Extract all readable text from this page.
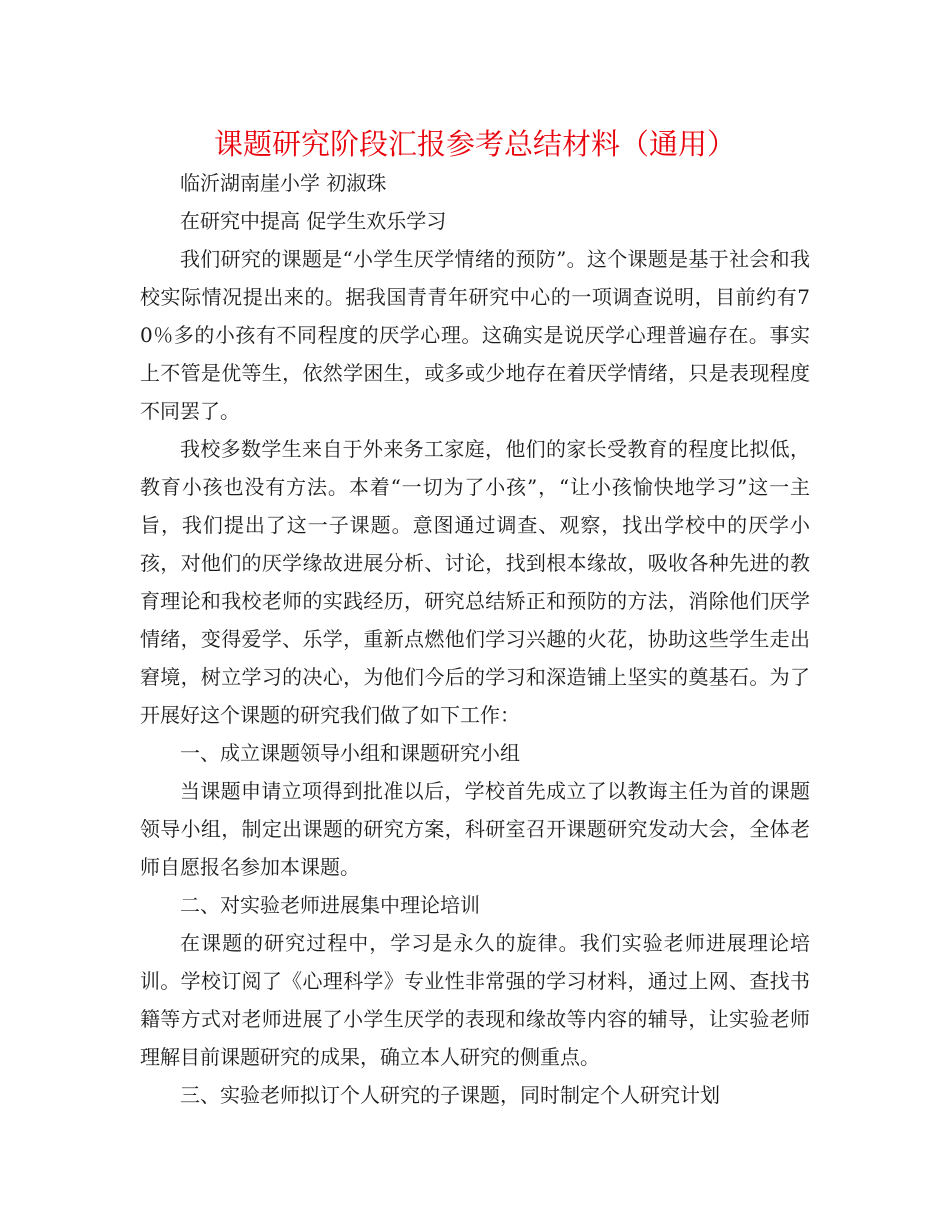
课题研究阶段汇报参考总结材料（通用）

临沂湖南崖小学 初淑珠

在研究中提高 促学生欢乐学习

我们研究的课题是“小学生厌学情绪的预防”。这个课题是基于社会和我校实际情况提出来的。据我国青青年研究中心的一项调查说明，目前约有70％多的小孩有不同程度的厌学心理。这确实是说厌学心理普遍存在。事实上不管是优等生，依然学困生，或多或少地存在着厌学情绪，只是表现程度不同罢了。

我校多数学生来自于外来务工家庭，他们的家长受教育的程度比拟低，教育小孩也没有方法。本着“一切为了小孩”，“让小孩愉快地学习”这一主旨，我们提出了这一子课题。意图通过调查、观察，找出学校中的厌学小孩，对他们的厌学缘故进展分析、讨论，找到根本缘故，吸收各种先进的教育理论和我校老师的实践经历，研究总结矫正和预防的方法，消除他们厌学情绪，变得爱学、乐学，重新点燃他们学习兴趣的火花，协助这些学生走出窘境，树立学习的决心，为他们今后的学习和深造铺上坚实的奠基石。为了开展好这个课题的研究我们做了如下工作：

一、成立课题领导小组和课题研究小组

当课题申请立项得到批准以后，学校首先成立了以教诲主任为首的课题领导小组，制定出课题的研究方案，科研室召开课题研究发动大会，全体老师自愿报名参加本课题。

二、对实验老师进展集中理论培训

在课题的研究过程中，学习是永久的旋律。我们实验老师进展理论培训。学校订阅了《心理科学》专业性非常强的学习材料，通过上网、查找书籍等方式对老师进展了小学生厌学的表现和缘故等内容的辅导，让实验老师理解目前课题研究的成果，确立本人研究的侧重点。

三、实验老师拟订个人研究的子课题，同时制定个人研究计划
